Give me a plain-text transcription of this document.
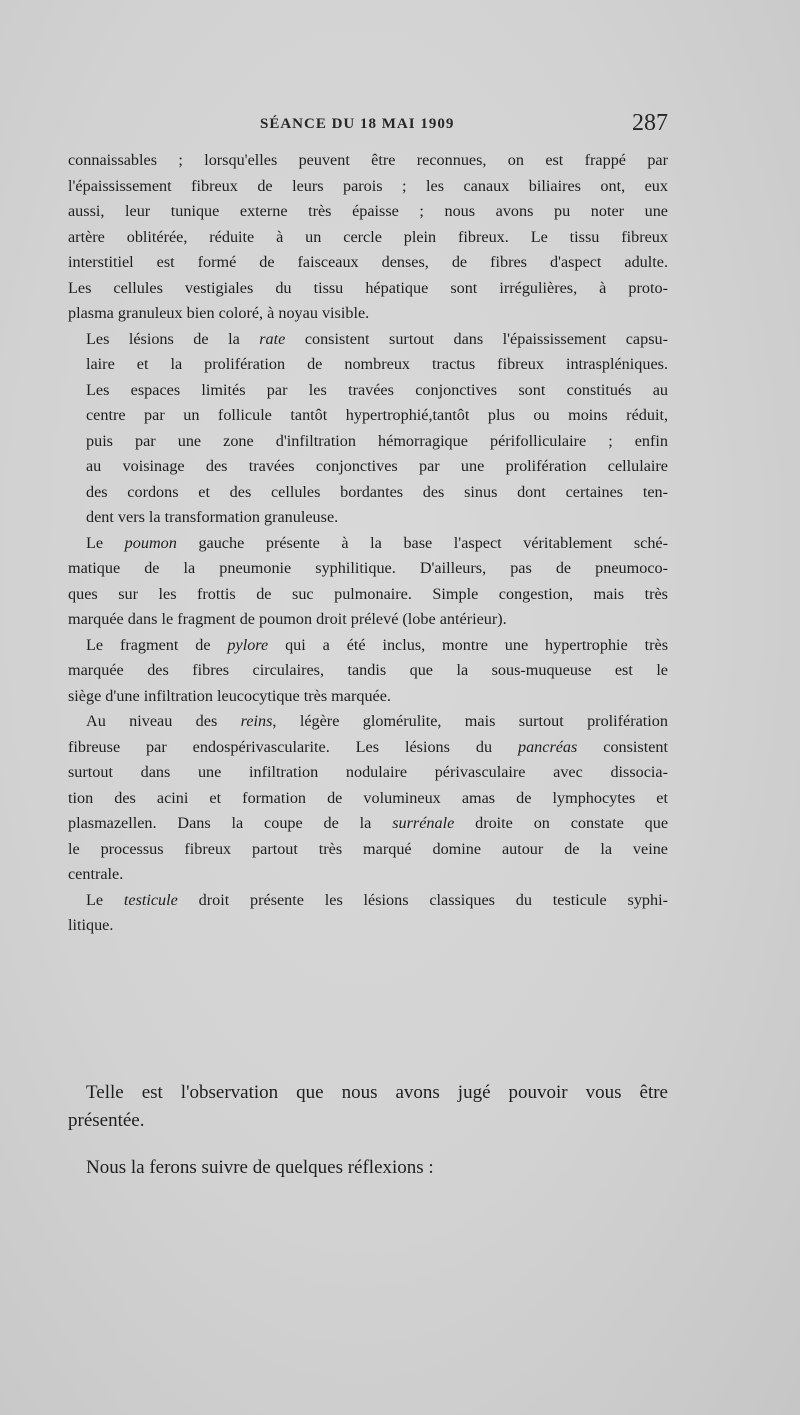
SÉANCE DU 18 MAI 1909	287

connaissables ; lorsqu'elles peuvent être reconnues, on est frappé par
l'épaississement fibreux de leurs parois ; les canaux biliaires ont, eux
aussi, leur tunique externe très épaisse ; nous avons pu noter une
artère oblitérée, réduite à un cercle plein fibreux. Le tissu fibreux
interstitiel est formé de faisceaux denses, de fibres d'aspect adulte.
Les cellules vestigiales du tissu hépatique sont irrégulières, à proto-
plasma granuleux bien coloré, à noyau visible.

Les lésions de la rate consistent surtout dans l'épaississement capsu-
laire et la prolifération de nombreux tractus fibreux intraspléniques.
Les espaces limités par les travées conjonctives sont constitués au
centre par un follicule tantôt hypertrophié,tantôt plus ou moins réduit,
puis par une zone d'infiltration hémorragique périfolliculaire ; enfin
au voisinage des travées conjonctives par une prolifération cellulaire
des cordons et des cellules bordantes des sinus dont certaines ten-
dent vers la transformation granuleuse.

Le poumon gauche présente à la base l'aspect véritablement sché-
matique de la pneumonie syphilitique. D'ailleurs, pas de pneumoco-
ques sur les frottis de suc pulmonaire. Simple congestion, mais très
marquée dans le fragment de poumon droit prélevé (lobe antérieur).

Le fragment de pylore qui a été inclus, montre une hypertrophie très
marquée des fibres circulaires, tandis que la sous-muqueuse est le
siège d'une infiltration leucocytique très marquée.

Au niveau des reins, légère glomérulite, mais surtout prolifération
fibreuse par endospérivascularite. Les lésions du pancréas consistent
surtout dans une infiltration nodulaire périvasculaire avec dissocia-
tion des acini et formation de volumineux amas de lymphocytes et
plasmazellen. Dans la coupe de la surrénale droite on constate que
le processus fibreux partout très marqué domine autour de la veine
centrale.

Le testicule droit présente les lésions classiques du testicule syphi-
litique.

Telle est l'observation que nous avons jugé pouvoir vous être
présentée.

Nous la ferons suivre de quelques réflexions :
